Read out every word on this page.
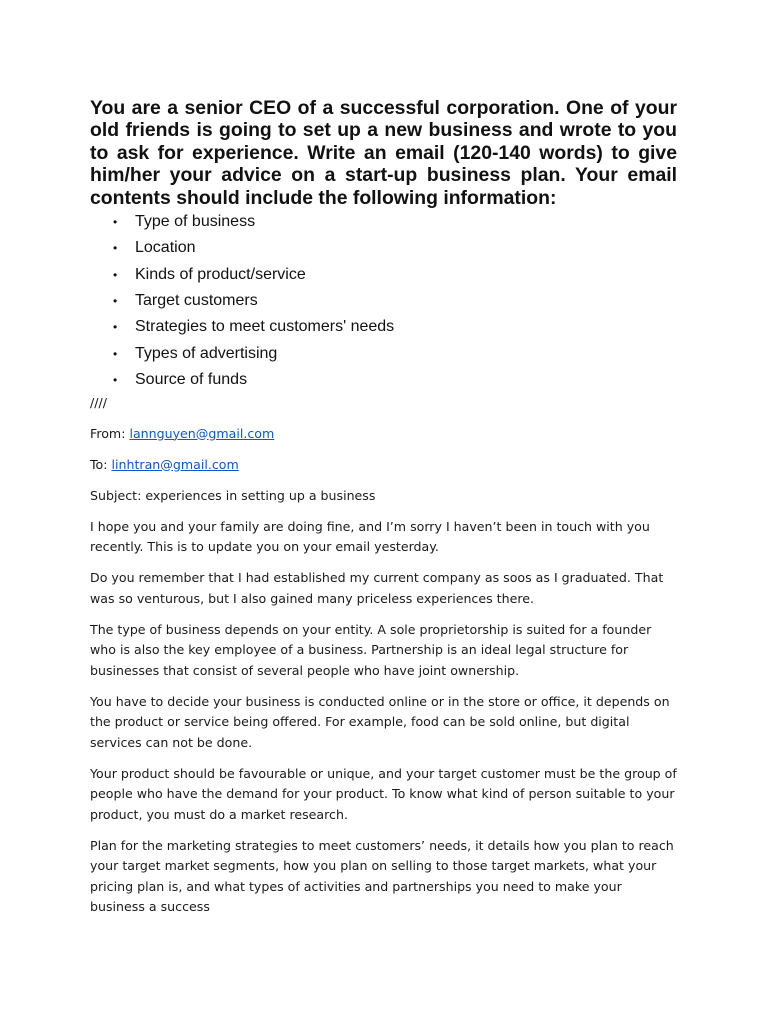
You are a senior CEO of a successful corporation. One of your old friends is going to set up a new business and wrote to you to ask for experience. Write an email (120-140 words) to give him/her your advice on a start-up business plan. Your email contents should include the following information:

• Type of business
• Location
• Kinds of product/service
• Target customers
• Strategies to meet customers' needs
• Types of advertising
• Source of funds

////

From: lannguyen@gmail.com

To: linhtran@gmail.com

Subject: experiences in setting up a business

I hope you and your family are doing fine, and I’m sorry I haven’t been in touch with you recently. This is to update you on your email yesterday.

Do you remember that I had established my current company as soos as I graduated. That was so venturous, but I also gained many priceless experiences there.

The type of business depends on your entity. A sole proprietorship is suited for a founder who is also the key employee of a business. Partnership is an ideal legal structure for businesses that consist of several people who have joint ownership.

You have to decide your business is conducted online or in the store or office, it depends on the product or service being offered. For example, food can be sold online, but digital services can not be done.

Your product should be favourable or unique, and your target customer must be the group of people who have the demand for your product. To know what kind of person suitable to your product, you must do a market research.

Plan for the marketing strategies to meet customers’ needs, it details how you plan to reach your target market segments, how you plan on selling to those target markets, what your pricing plan is, and what types of activities and partnerships you need to make your business a success
